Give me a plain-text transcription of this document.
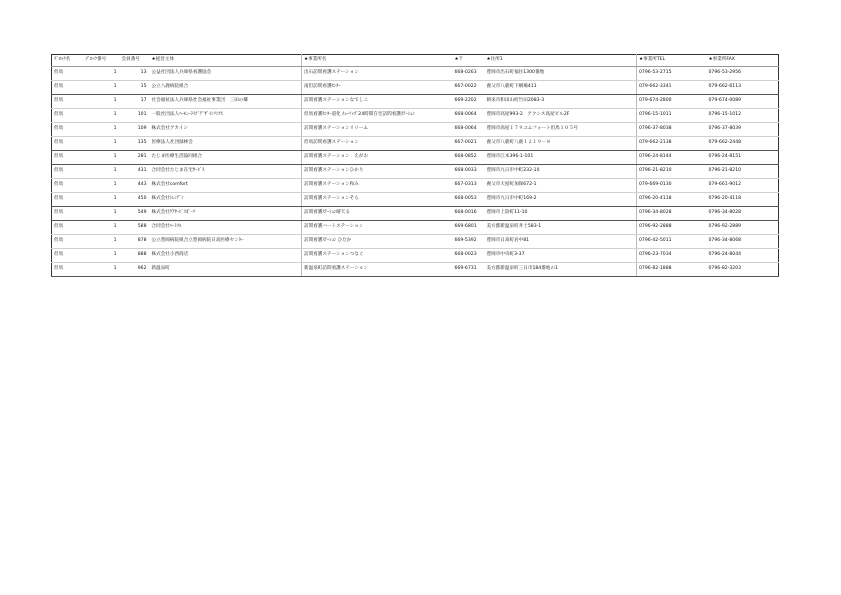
ﾌﾞﾛｯｸ名	ﾌﾞﾛｯｸ番号	会員番号	★経営主体	★事業所名	★〒	★住所1	★事業所TEL	★事業所FAX
但馬	1	13	公益社団法人兵庫県看護協会	出石訪問看護ステーション	668-0263	豊岡市出石町福住1300番地	0796-53-2715	0796-53-2956
但馬	1	15	公立八鹿病院組合	南但訪問看護ｾﾝﾀｰ	667-0022	養父市八鹿町下網場411	079-662-3341	079-662-6113
但馬	1	17	社会福祉法人兵庫県社会福祉事業団　三田の郷	訪問看護ステーションなでしこ	669-2202	朝来市和田山町竹田2083-3	079-674-2800	079-674-0089
但馬	1	101	一般社団法人ﾊｰﾓﾆｰﾗｲﾌﾞﾃﾞｻﾞｲﾝﾘﾝｸｽ	但馬看護ｾﾝﾀｰ道化 ﾁｭｰﾘｯﾌﾟ24時間在宅訪問看護ｽﾃｰｼｮﾝ	668-0064	豊岡市高屋993-2　アクシス高屋ビル2F	0796-15-1011	0796-15-1012
但馬	1	109	株式会社アカイシ	訪問看護ステーションリリーム	668-0064	豊岡市高屋１７９ユムフォート但馬１０５号	0796-37-8038	0796-37-8039
但馬	1	135	医療法人社団緑林会	但馬訪問看護ステーション	667-0021	養父市八鹿町八鹿１２１９－８	079-662-2138	079-662-2448
但馬	1	281	たじま医療生活協同組合	訪問看護ステーション　えがお	668-0852	豊岡市江本396-1-101	0796-24-8144	0796-24-8151
但馬	1	431	合同会社たじま在宅ｻｰﾋﾞｽ	訪問看護ステーションひかり	668-0033	豊岡市九日市中町232-10	0796-21-8210	0796-21-8210
但馬	1	443	株式会社comfort	訪問看護ステーション和み	667-0313	養父市大屋町加保672-1	079-669-0130	079-661-9012
但馬	1	450	株式会社ﾄﾚﾝﾃﾞﾝ	訪問看護ステーションそら	668-0053	豊岡市九日市中町169-2	0796-20-4118	0796-20-4118
但馬	1	549	株式会社ｹｱｻｰﾋﾞｽﾎﾟｰﾂ	訪問看護ｽﾃｰｼｮﾝ晴天る	668-0016	豊岡市上陰町11-10	0796-34-8028	0796-34-8028
但馬	1	588	合同会社ﾊｰﾄﾌﾙ	訪問看護ハートステーション	669-6801	美方郡新温泉町井土583-1	0796-92-2888	0796-92-2889
但馬	1	878	公立豊岡病院組合立豊岡病院日高医療センﾀｰ	訪問看護ｽﾃｰｼｮﾝ ひだか	669-5392	豊岡市日高町岩中81	0796-42-5011	0796-34-8068
但馬	1	888	株式会社小西商店	訪問看護ステーションつなぐ	668-0023	豊岡市中央町3-37	0796-23-7034	0796-24-8044
但馬	1	962	新温泉町	新温泉町訪問看護ステーション	669-6731	美方郡新温泉町三日市184番地の1	0796-82-1888	0796-82-3203
